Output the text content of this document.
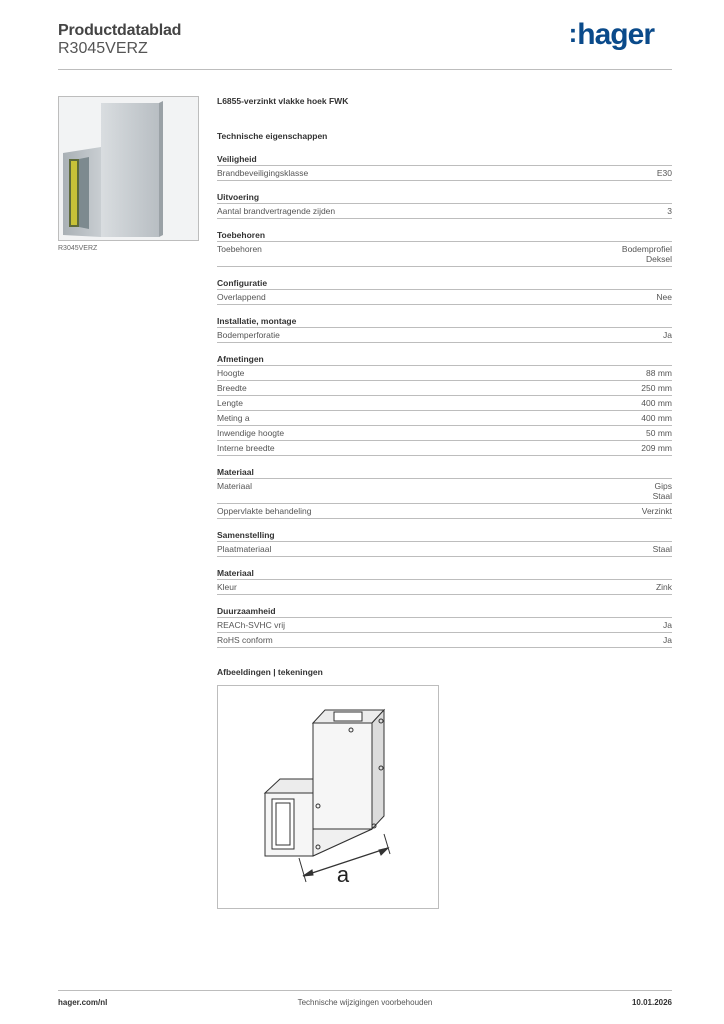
Productdatablad
R3045VERZ
:hager
R3045VERZ
L6855-verzinkt vlakke hoek FWK
Technische eigenschappen
Veiligheid
Brandbeveiligingsklasse	E30
Uitvoering
Aantal brandvertragende zijden	3
Toebehoren
Toebehoren	Bodemprofiel
Deksel
Configuratie
Overlappend	Nee
Installatie, montage
Bodemperforatie	Ja
Afmetingen
Hoogte	88 mm
Breedte	250 mm
Lengte	400 mm
Meting a	400 mm
Inwendige hoogte	50 mm
Interne breedte	209 mm
Materiaal
Materiaal	Gips
Staal
Oppervlakte behandeling	Verzinkt
Samenstelling
Plaatmateriaal	Staal
Materiaal
Kleur	Zink
Duurzaamheid
REACh-SVHC vrij	Ja
RoHS conform	Ja
Afbeeldingen | tekeningen
a
hager.com/nl	Technische wijzigingen voorbehouden	10.01.2026
